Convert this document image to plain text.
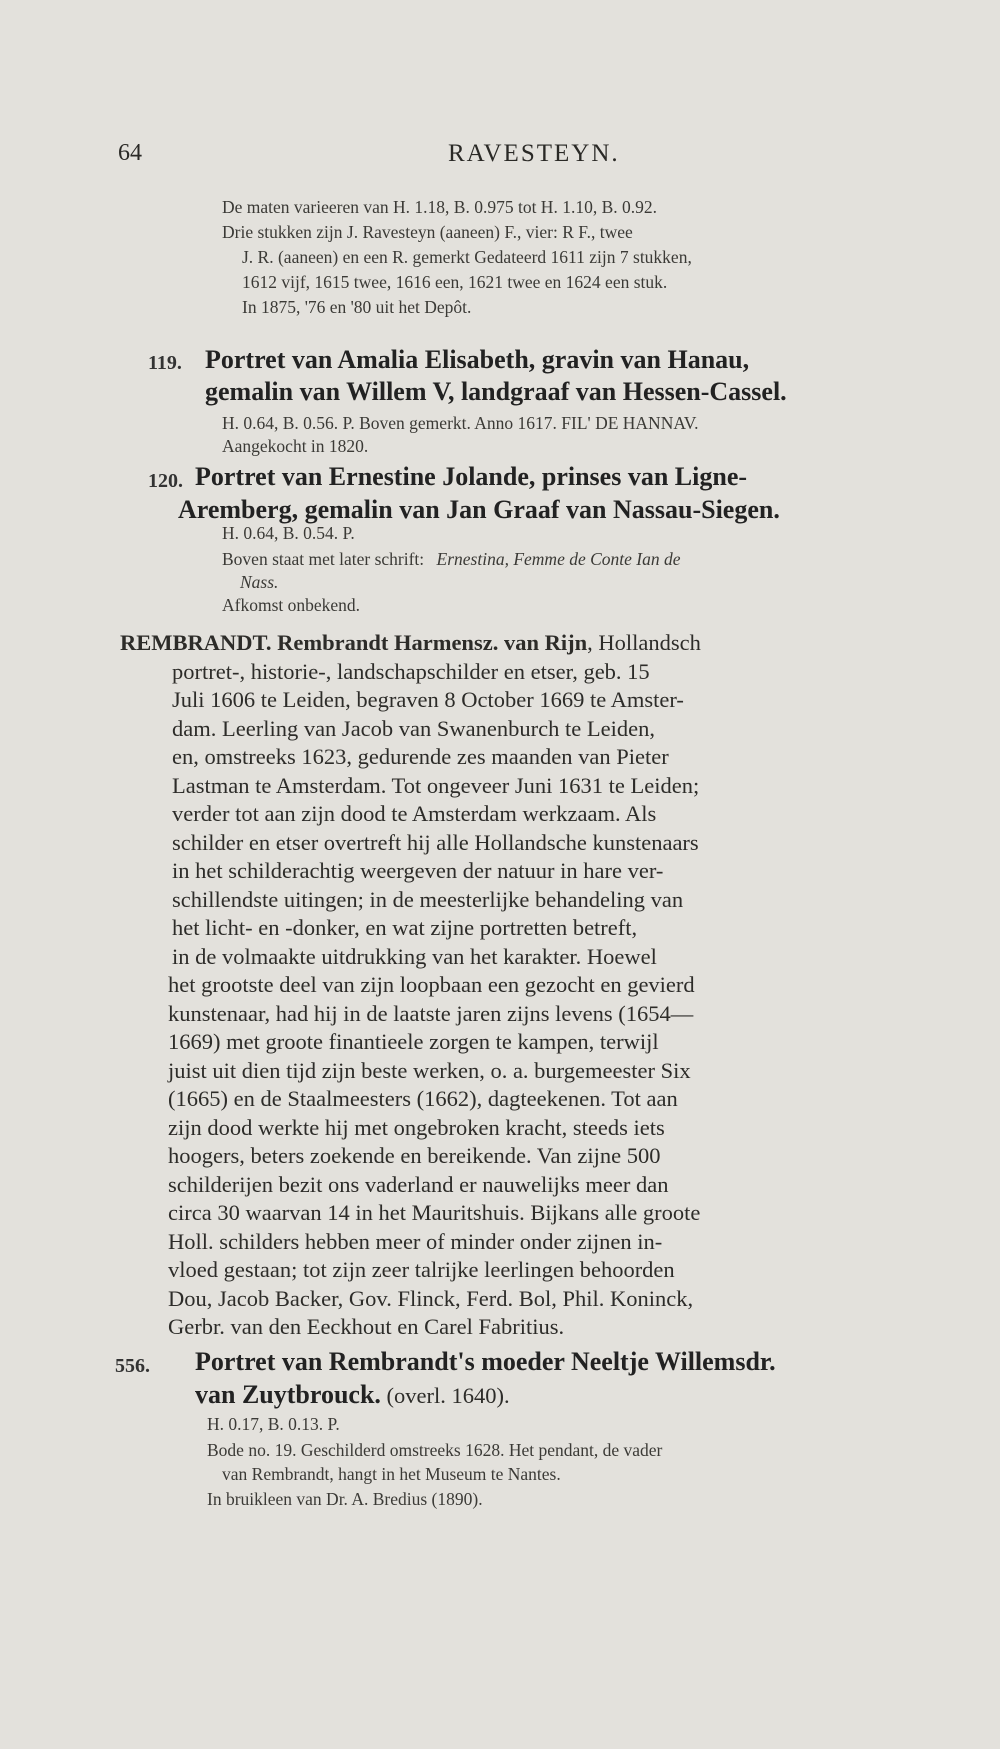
64	RAVESTEYN.
De maten varieeren van H. 1.18, B. 0.975 tot H. 1.10, B. 0.92.
Drie stukken zijn J. Ravesteyn (aaneen) F., vier: R F., twee
J. R. (aaneen) en een R. gemerkt Gedateerd 1611 zijn 7 stukken,
1612 vijf, 1615 twee, 1616 een, 1621 twee en 1624 een stuk.
In 1875, '76 en '80 uit het Depôt.
119. Portret van Amalia Elisabeth, gravin van Hanau,
gemalin van Willem V, landgraaf van Hessen-Cassel.
H. 0.64, B. 0.56. P. Boven gemerkt. Anno 1617. FIL' DE HANNAV.
Aangekocht in 1820.
120. Portret van Ernestine Jolande, prinses van Ligne-
Aremberg, gemalin van Jan Graaf van Nassau-Siegen.
H. 0.64, B. 0.54. P.
Boven staat met later schrift: Ernestina, Femme de Conte Ian de
Nass.
Afkomst onbekend.
REMBRANDT. Rembrandt Harmensz. van Rijn, Hollandsch
portret-, historie-, landschapschilder en etser, geb. 15
Juli 1606 te Leiden, begraven 8 October 1669 te Amster-
dam. Leerling van Jacob van Swanenburch te Leiden,
en, omstreeks 1623, gedurende zes maanden van Pieter
Lastman te Amsterdam. Tot ongeveer Juni 1631 te Leiden;
verder tot aan zijn dood te Amsterdam werkzaam. Als
schilder en etser overtreft hij alle Hollandsche kunstenaars
in het schilderachtig weergeven der natuur in hare ver-
schillendste uitingen; in de meesterlijke behandeling van
het licht- en -donker, en wat zijne portretten betreft,
in de volmaakte uitdrukking van het karakter. Hoewel
het grootste deel van zijn loopbaan een gezocht en gevierd
kunstenaar, had hij in de laatste jaren zijns levens (1654—
1669) met groote finantieele zorgen te kampen, terwijl
juist uit dien tijd zijn beste werken, o. a. burgemeester Six
(1665) en de Staalmeesters (1662), dagteekenen. Tot aan
zijn dood werkte hij met ongebroken kracht, steeds iets
hoogers, beters zoekende en bereikende. Van zijne 500
schilderijen bezit ons vaderland er nauwelijks meer dan
circa 30 waarvan 14 in het Mauritshuis. Bijkans alle groote
Holl. schilders hebben meer of minder onder zijnen in-
vloed gestaan; tot zijn zeer talrijke leerlingen behoorden
Dou, Jacob Backer, Gov. Flinck, Ferd. Bol, Phil. Koninck,
Gerbr. van den Eeckhout en Carel Fabritius.
556. Portret van Rembrandt's moeder Neeltje Willemsdr.
van Zuytbrouck. (overl. 1640).
H. 0.17, B. 0.13. P.
Bode no. 19. Geschilderd omstreeks 1628. Het pendant, de vader
van Rembrandt, hangt in het Museum te Nantes.
In bruikleen van Dr. A. Bredius (1890).
